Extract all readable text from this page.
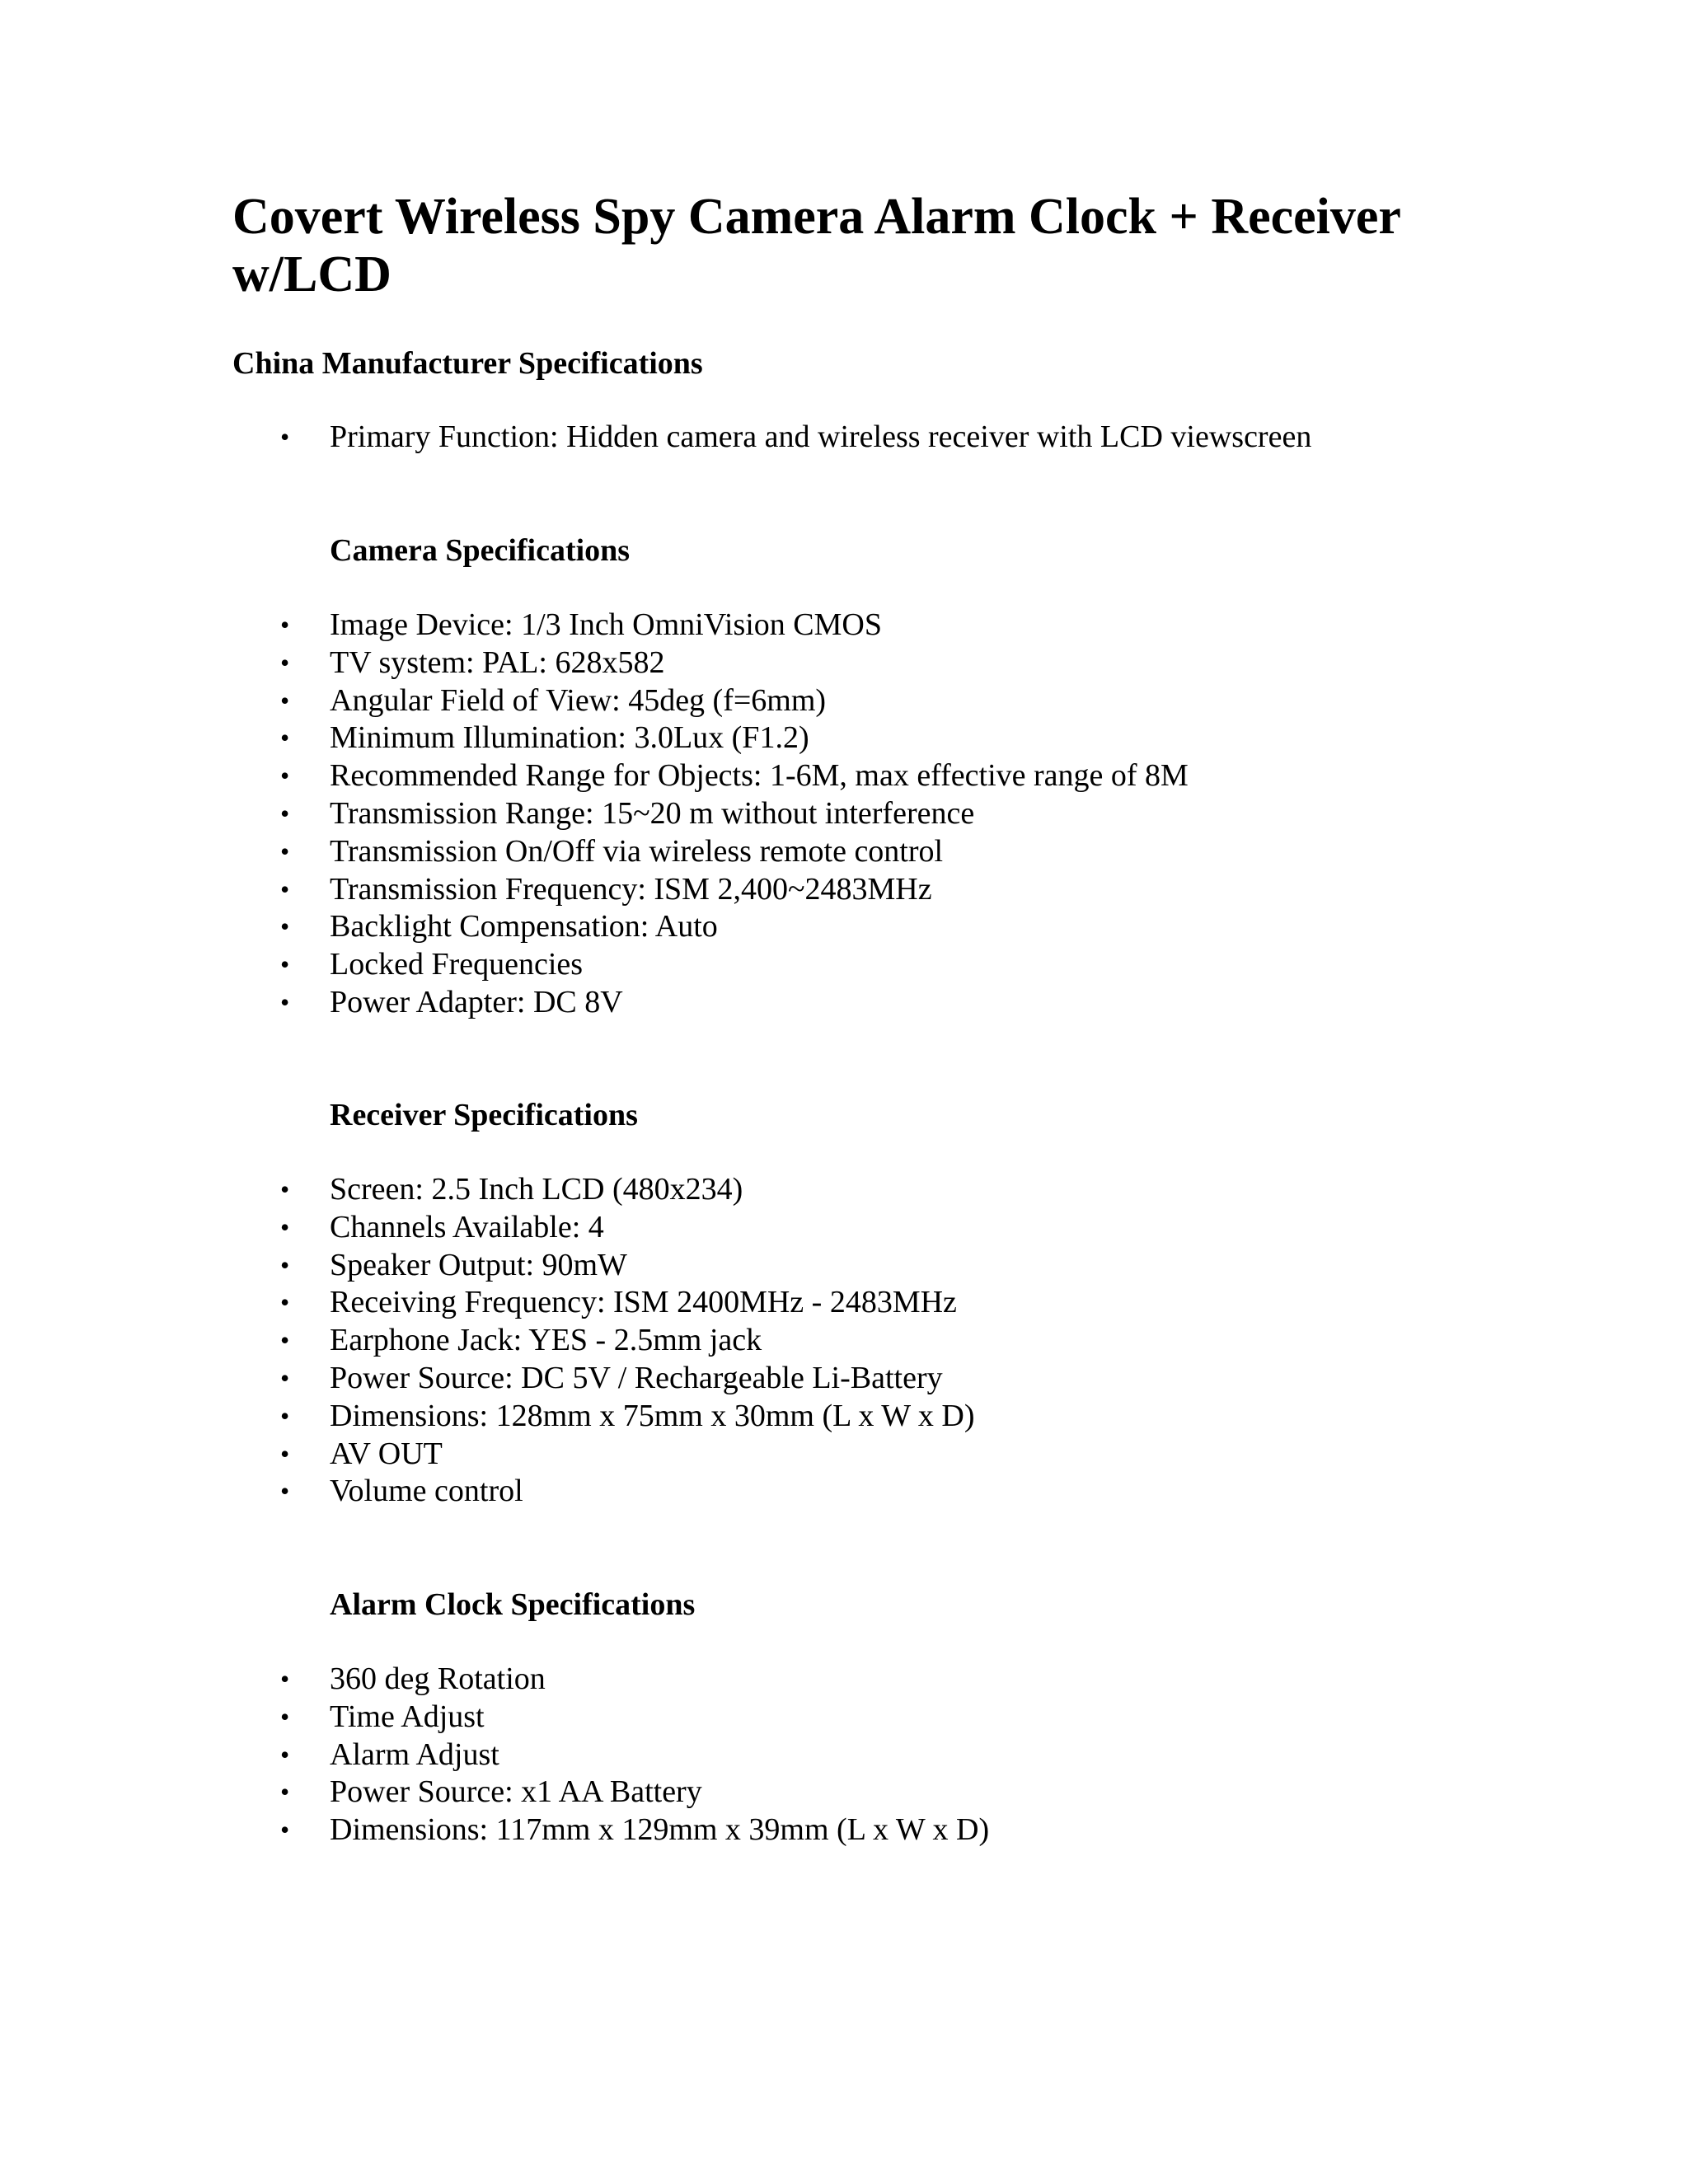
Covert Wireless Spy Camera Alarm Clock + Receiver w/LCD
China Manufacturer Specifications
• Primary Function: Hidden camera and wireless receiver with LCD viewscreen
Camera Specifications
• Image Device: 1/3 Inch OmniVision CMOS
• TV system: PAL: 628x582
• Angular Field of View: 45deg (f=6mm)
• Minimum Illumination: 3.0Lux (F1.2)
• Recommended Range for Objects: 1-6M, max effective range of 8M
• Transmission Range: 15~20 m without interference
• Transmission On/Off via wireless remote control
• Transmission Frequency: ISM 2,400~2483MHz
• Backlight Compensation: Auto
• Locked Frequencies
• Power Adapter: DC 8V
Receiver Specifications
• Screen: 2.5 Inch LCD (480x234)
• Channels Available: 4
• Speaker Output: 90mW
• Receiving Frequency: ISM 2400MHz - 2483MHz
• Earphone Jack: YES - 2.5mm jack
• Power Source: DC 5V / Rechargeable Li-Battery
• Dimensions: 128mm x 75mm x 30mm (L x W x D)
• AV OUT
• Volume control
Alarm Clock Specifications
• 360 deg Rotation
• Time Adjust
• Alarm Adjust
• Power Source: x1 AA Battery
• Dimensions: 117mm x 129mm x 39mm (L x W x D)
